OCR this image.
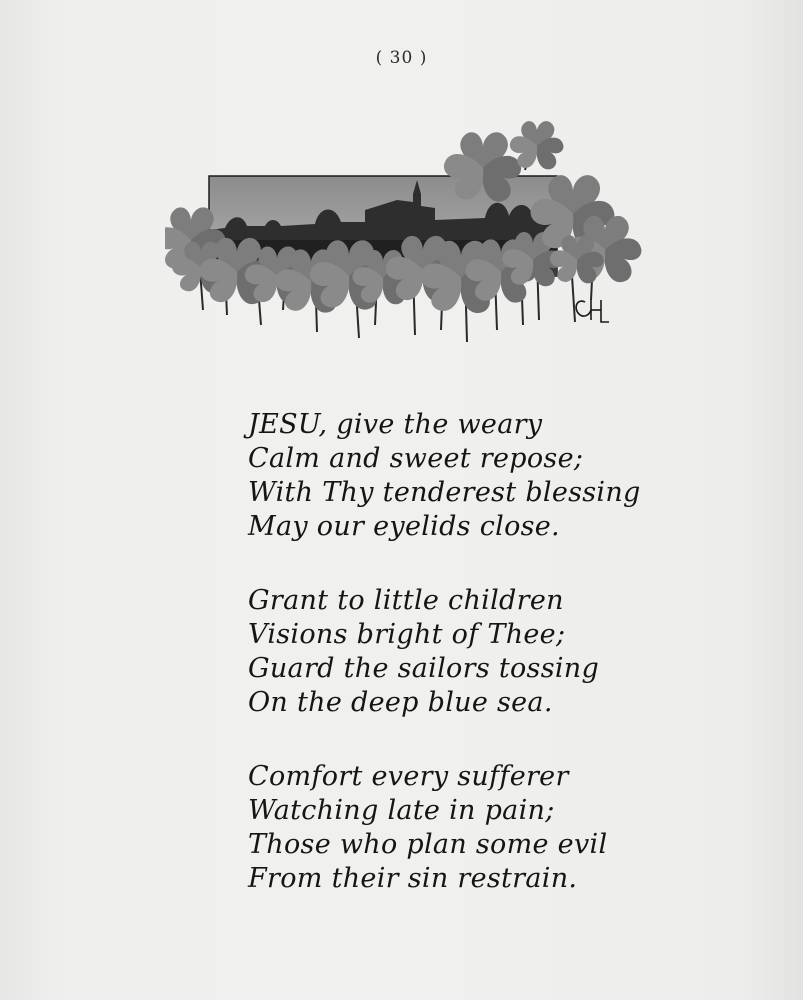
( 30 )
JESU, give the weary
Calm and sweet repose;
With Thy tenderest blessing
May our eyelids close.
Grant to little children
Visions bright of Thee;
Guard the sailors tossing
On the deep blue sea.
Comfort every sufferer
Watching late in pain;
Those who plan some evil
From their sin restrain.
